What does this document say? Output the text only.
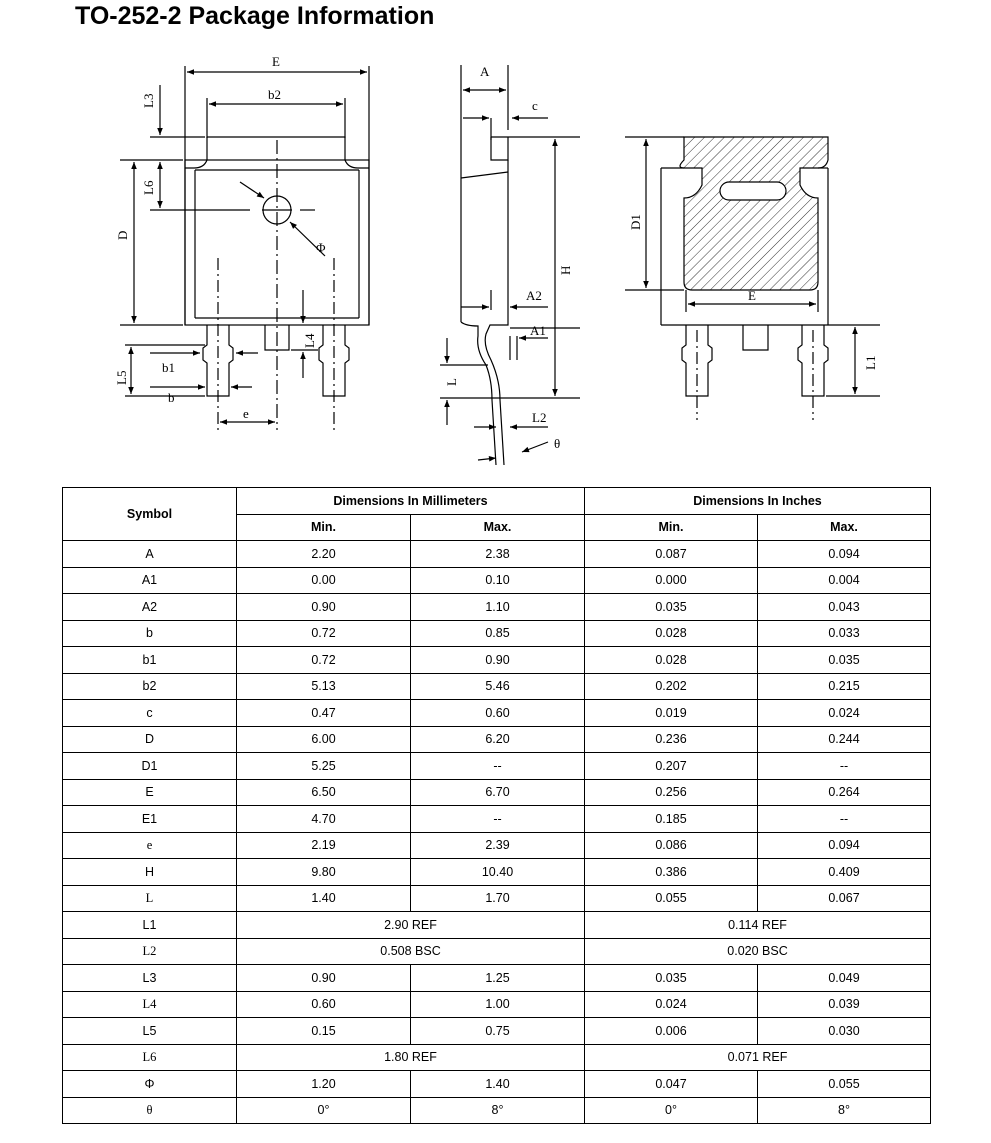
TO-252-2 Package Information
E
b2
L3
L6
D
Φ
L4
b1
b
L5
e
A
c
H
A2
A1
L
L2
θ
D1
E
L1
Symbol	Dimensions In Millimeters		Dimensions In Inches	
	Min.	Max.	Min.	Max.
A	2.20	2.38	0.087	0.094
A1	0.00	0.10	0.000	0.004
A2	0.90	1.10	0.035	0.043
b	0.72	0.85	0.028	0.033
b1	0.72	0.90	0.028	0.035
b2	5.13	5.46	0.202	0.215
c	0.47	0.60	0.019	0.024
D	6.00	6.20	0.236	0.244
D1	5.25	--	0.207	--
E	6.50	6.70	0.256	0.264
E1	4.70	--	0.185	--
e	2.19	2.39	0.086	0.094
H	9.80	10.40	0.386	0.409
L	1.40	1.70	0.055	0.067
L1	2.90 REF		0.114 REF	
L2	0.508 BSC		0.020 BSC	
L3	0.90	1.25	0.035	0.049
L4	0.60	1.00	0.024	0.039
L5	0.15	0.75	0.006	0.030
L6	1.80 REF		0.071 REF	
Φ	1.20	1.40	0.047	0.055
θ	0°	8°	0°	8°
